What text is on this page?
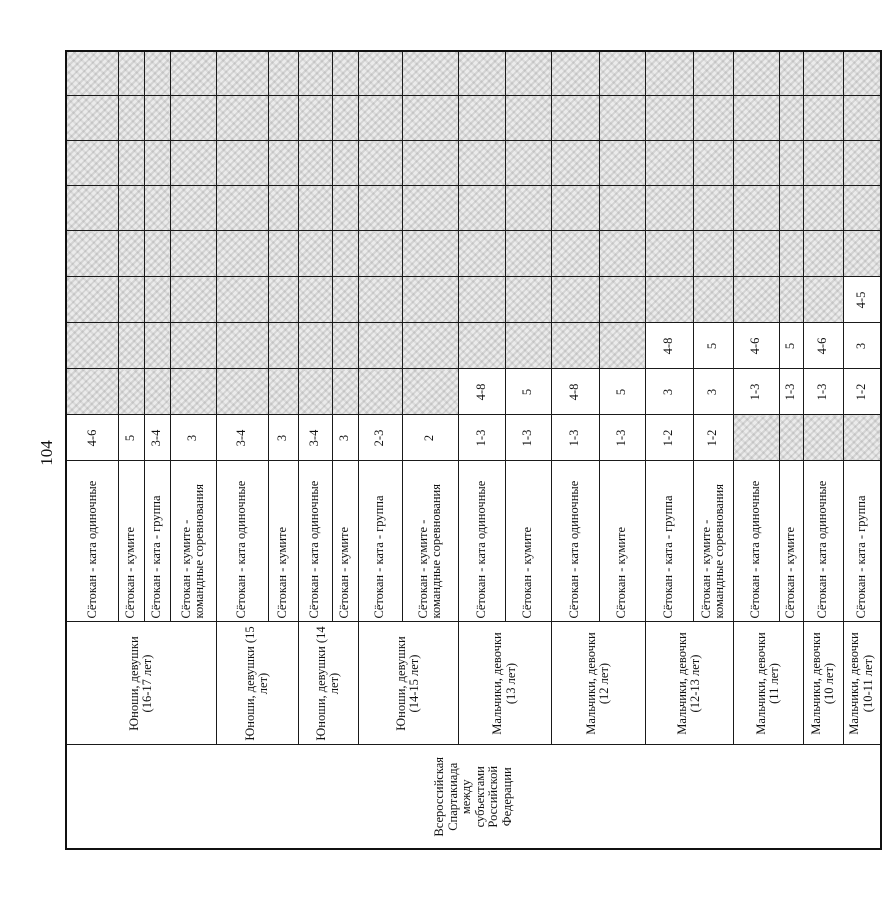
104
Всероссийская Спартакиада между субъектами Российской Федерации	Юноши, девушки (16-17 лет)	Сётокан - ката одиночные	4-6								
		Сётокан - кумите	5								
		Сётокан - ката - группа	3-4								
		Сётокан - кумите - командные соревнования	3								
	Юноши, девушки (15 лет)	Сётокан - ката одиночные	3-4								
		Сётокан - кумите	3								
	Юноши, девушки (14 лет)	Сётокан - ката одиночные	3-4								
		Сётокан - кумите	3								
	Юноши, девушки (14-15 лет)	Сётокан - ката - группа	2-3								
		Сётокан - кумите - командные соревнования	2								
	Мальчики, девочки (13 лет)	Сётокан - ката одиночные	1-3	4-8							
		Сётокан - кумите	1-3	5							
	Мальчики, девочки (12 лет)	Сётокан - ката одиночные	1-3	4-8							
		Сётокан - кумите	1-3	5							
	Мальчики, девочки (12-13 лет)	Сётокан - ката - группа	1-2	3	4-8						
		Сётокан - кумите - командные соревнования	1-2	3	5						
	Мальчики, девочки (11 лет)	Сётокан - ката одиночные		1-3	4-6						
		Сётокан - кумите		1-3	5						
	Мальчики, девочки (10 лет)	Сётокан - ката одиночные		1-3	4-6						
	Мальчики, девочки (10-11 лет)	Сётокан - ката - группа		1-2	3	4-5					
